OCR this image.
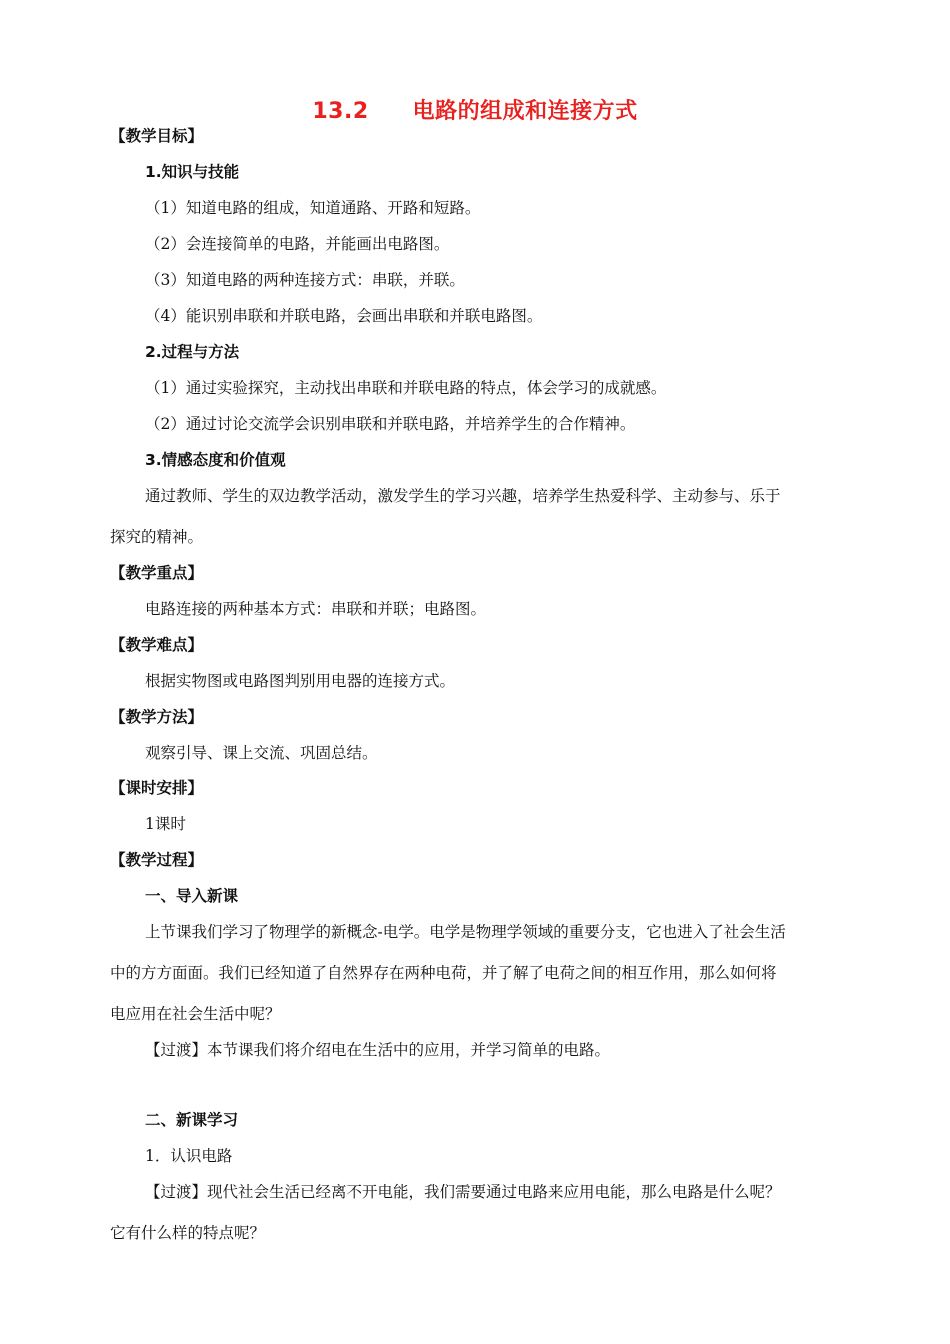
13.2 电路的组成和连接方式
【教学目标】
1.知识与技能
（1）知道电路的组成，知道通路、开路和短路。
（2）会连接简单的电路，并能画出电路图。
（3）知道电路的两种连接方式：串联，并联。
（4）能识别串联和并联电路，会画出串联和并联电路图。
2.过程与方法
（1）通过实验探究，主动找出串联和并联电路的特点，体会学习的成就感。
（2）通过讨论交流学会识别串联和并联电路，并培养学生的合作精神。
3.情感态度和价值观
通过教师、学生的双边教学活动，激发学生的学习兴趣，培养学生热爱科学、主动参与、乐于
探究的精神。
【教学重点】
电路连接的两种基本方式：串联和并联；电路图。
【教学难点】
根据实物图或电路图判别用电器的连接方式。
【教学方法】
观察引导、课上交流、巩固总结。
【课时安排】
1课时
【教学过程】
一、导入新课
上节课我们学习了物理学的新概念-电学。电学是物理学领域的重要分支，它也进入了社会生活
中的方方面面。我们已经知道了自然界存在两种电荷，并了解了电荷之间的相互作用，那么如何将
电应用在社会生活中呢？
【过渡】本节课我们将介绍电在生活中的应用，并学习简单的电路。
二、新课学习
1．认识电路
【过渡】现代社会生活已经离不开电能，我们需要通过电路来应用电能，那么电路是什么呢？
它有什么样的特点呢？
